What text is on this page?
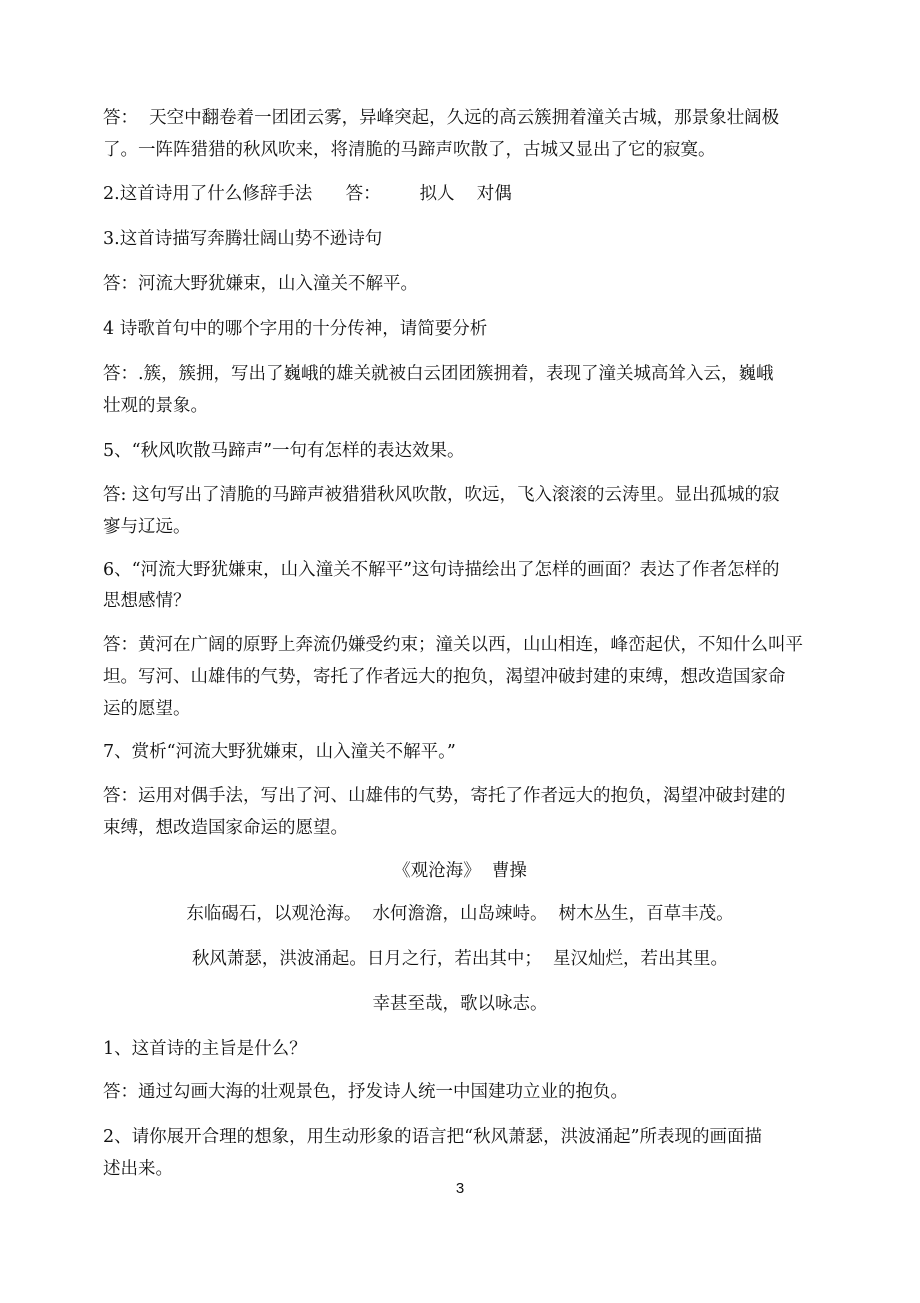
答：  天空中翻卷着一团团云雾，异峰突起，久远的高云簇拥着潼关古城，那景象壮阔极
了。一阵阵猎猎的秋风吹来，将清脆的马蹄声吹散了，古城又显出了它的寂寞。
2.这首诗用了什么修辞手法      答：       拟人    对偶
3.这首诗描写奔腾壮阔山势不逊诗句
答：河流大野犹嫌束，山入潼关不解平。
4 诗歌首句中的哪个字用的十分传神，请简要分析
答：.簇，簇拥，写出了巍峨的雄关就被白云团团簇拥着，表现了潼关城高耸入云，巍峨
壮观的景象。
5、“秋风吹散马蹄声”一句有怎样的表达效果。
答: 这句写出了清脆的马蹄声被猎猎秋风吹散，吹远，飞入滚滚的云涛里。显出孤城的寂
寥与辽远。
6、“河流大野犹嫌束，山入潼关不解平”这句诗描绘出了怎样的画面？表达了作者怎样的
思想感情？
答：黄河在广阔的原野上奔流仍嫌受约束；潼关以西，山山相连，峰峦起伏，不知什么叫平
坦。写河、山雄伟的气势，寄托了作者远大的抱负，渴望冲破封建的束缚，想改造国家命
运的愿望。
7、赏析“河流大野犹嫌束，山入潼关不解平。”
答：运用对偶手法，写出了河、山雄伟的气势，寄托了作者远大的抱负，渴望冲破封建的
束缚，想改造国家命运的愿望。
《观沧海》  曹操
东临碣石，以观沧海。  水何澹澹，山岛竦峙。  树木丛生，百草丰茂。
秋风萧瑟，洪波涌起。日月之行，若出其中；  星汉灿烂，若出其里。
幸甚至哉，歌以咏志。
1、这首诗的主旨是什么？
答：通过勾画大海的壮观景色，抒发诗人统一中国建功立业的抱负。
2、请你展开合理的想象，用生动形象的语言把“秋风萧瑟，洪波涌起”所表现的画面描
述出来。
3
